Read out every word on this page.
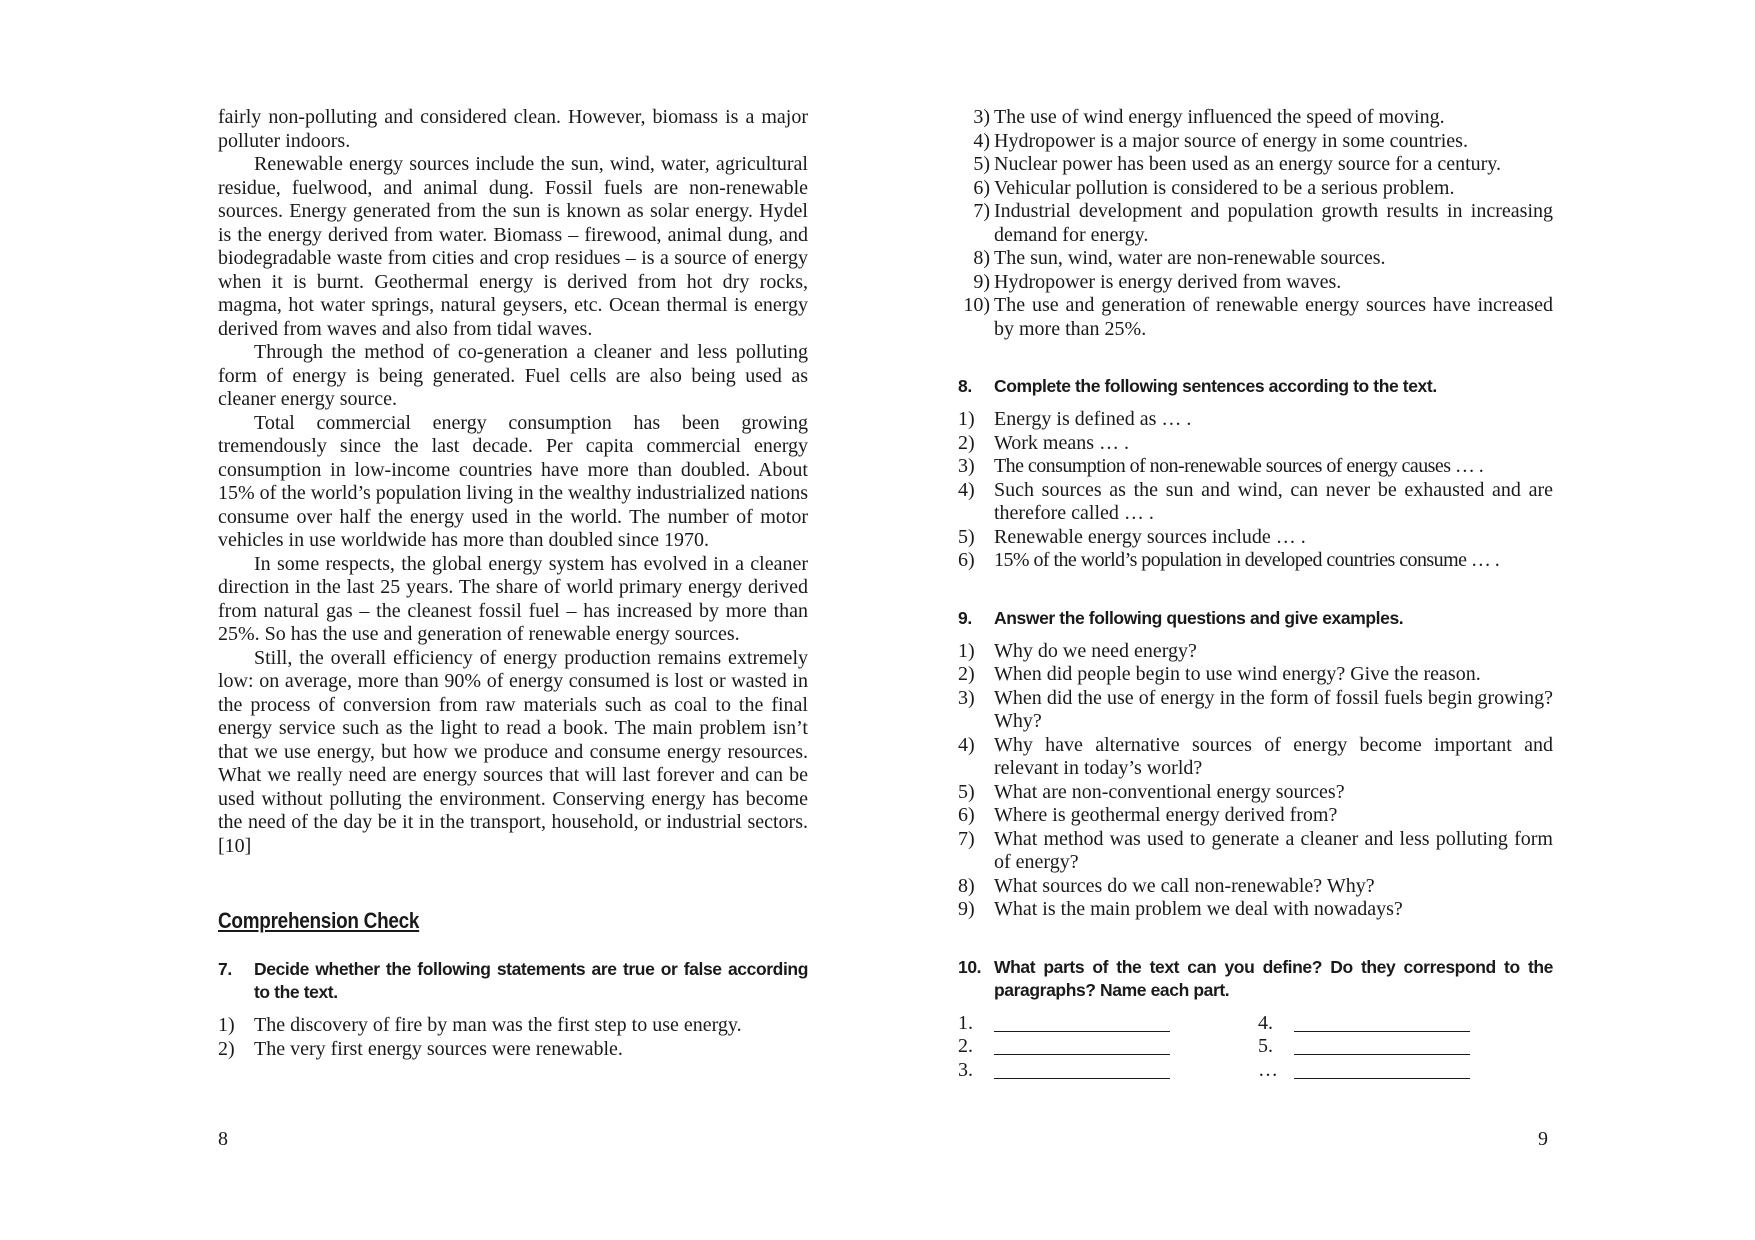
fairly non-polluting and considered clean. However, biomass is a major polluter indoors.

Renewable energy sources include the sun, wind, water, agricultural residue, fuelwood, and animal dung. Fossil fuels are non-renewable sources. Energy generated from the sun is known as solar energy. Hydel is the energy derived from water. Biomass – firewood, animal dung, and biodegradable waste from cities and crop residues – is a source of energy when it is burnt. Geothermal energy is derived from hot dry rocks, magma, hot water springs, natural geysers, etc. Ocean thermal is energy derived from waves and also from tidal waves.

Through the method of co-generation a cleaner and less polluting form of energy is being generated. Fuel cells are also being used as cleaner energy source.

Total commercial energy consumption has been growing tremendously since the last decade. Per capita commercial energy consumption in low-income countries have more than doubled. About 15% of the world’s population living in the wealthy industrialized nations consume over half the energy used in the world. The number of motor vehicles in use worldwide has more than doubled since 1970.

In some respects, the global energy system has evolved in a cleaner direction in the last 25 years. The share of world primary energy derived from natural gas – the cleanest fossil fuel – has increased by more than 25%. So has the use and generation of renewable energy sources.

Still, the overall efficiency of energy production remains extremely low: on average, more than 90% of energy consumed is lost or wasted in the process of conversion from raw materials such as coal to the final energy service such as the light to read a book. The main problem isn’t that we use energy, but how we produce and consume energy resources. What we really need are energy sources that will last forever and can be used without polluting the environment. Conserving energy has become the need of the day be it in the transport, household, or industrial sectors. [10]

Comprehension Check
7.	Decide whether the following statements are true or false according to the text.
1) The discovery of fire by man was the first step to use energy.
2) The very first energy sources were renewable.
3) The use of wind energy influenced the speed of moving.
4) Hydropower is a major source of energy in some countries.
5) Nuclear power has been used as an energy source for a century.
6) Vehicular pollution is considered to be a serious problem.
7) Industrial development and population growth results in increasing demand for energy.
8) The sun, wind, water are non-renewable sources.
9) Hydropower is energy derived from waves.
10) The use and generation of renewable energy sources have increased by more than 25%.
8.	Complete the following sentences according to the text.
1) Energy is defined as … .
2) Work means … .
3) The consumption of non-renewable sources of energy causes … .
4) Such sources as the sun and wind, can never be exhausted and are therefore called … .
5) Renewable energy sources include … .
6) 15% of the world’s population in developed countries consume … .
9.	Answer the following questions and give examples.
1) Why do we need energy?
2) When did people begin to use wind energy? Give the reason.
3) When did the use of energy in the form of fossil fuels begin growing? Why?
4) Why have alternative sources of energy become important and relevant in today’s world?
5) What are non-conventional energy sources?
6) Where is geothermal energy derived from?
7) What method was used to generate a cleaner and less polluting form of energy?
8) What sources do we call non-renewable? Why?
9) What is the main problem we deal with nowadays?
10. What parts of the text can you define? Do they correspond to the paragraphs? Name each part.
1.	4.
2.	5.
3.	…
8	9
